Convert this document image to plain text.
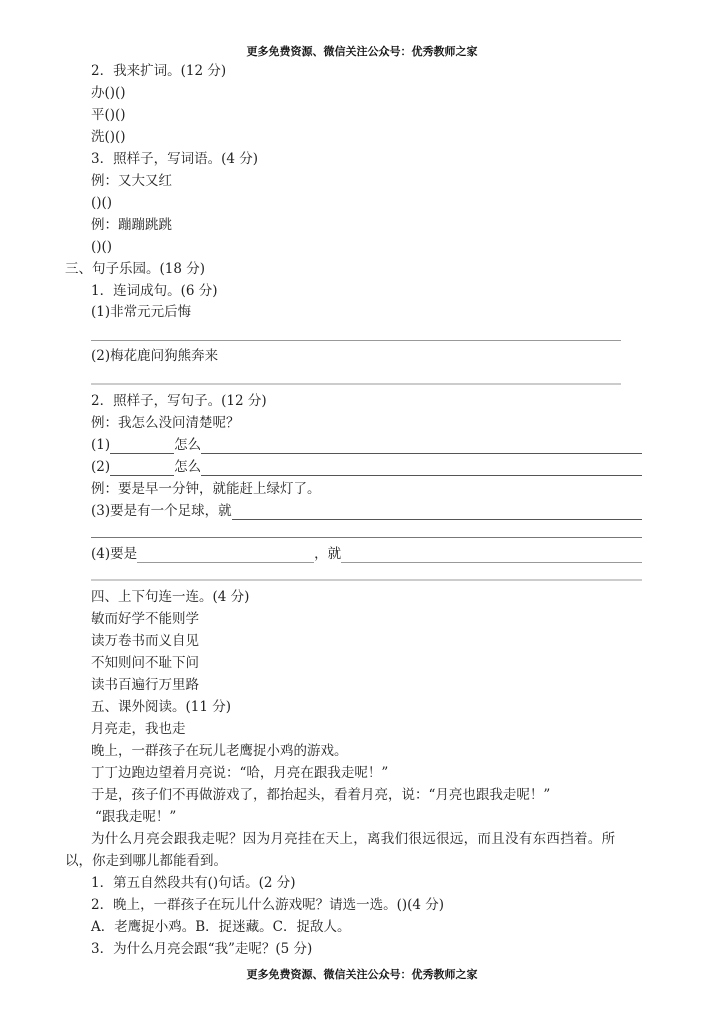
更多免费资源、微信关注公众号：优秀教师之家
2．我来扩词。(12 分)
办()()
平()()
洗()()
3．照样子，写词语。(4 分)
例：又大又红
()()
例：蹦蹦跳跳
()()
三、句子乐园。(18 分)
1．连词成句。(6 分)
(1)非常元元后悔
(2)梅花鹿问狗熊奔来
2．照样子，写句子。(12 分)
例：我怎么没问清楚呢？
(1)	怎么
(2)	怎么
例：要是早一分钟，就能赶上绿灯了。
(3)要是有一个足球，就
(4)要是	，就
四、上下句连一连。(4 分)
敏而好学不能则学
读万卷书而义自见
不知则问不耻下问
读书百遍行万里路
五、课外阅读。(11 分)
月亮走，我也走
晚上，一群孩子在玩儿老鹰捉小鸡的游戏。
丁丁边跑边望着月亮说：“哈，月亮在跟我走呢！”
于是，孩子们不再做游戏了，都抬起头，看着月亮，说：“月亮也跟我走呢！”
“跟我走呢！”
为什么月亮会跟我走呢？因为月亮挂在天上，离我们很远很远，而且没有东西挡着。所
以，你走到哪儿都能看到。
1．第五自然段共有()句话。(2 分)
2．晚上，一群孩子在玩儿什么游戏呢？请选一选。()(4 分)
A．老鹰捉小鸡。B．捉迷藏。C．捉敌人。
3．为什么月亮会跟“我”走呢？(5 分)
更多免费资源、微信关注公众号：优秀教师之家
